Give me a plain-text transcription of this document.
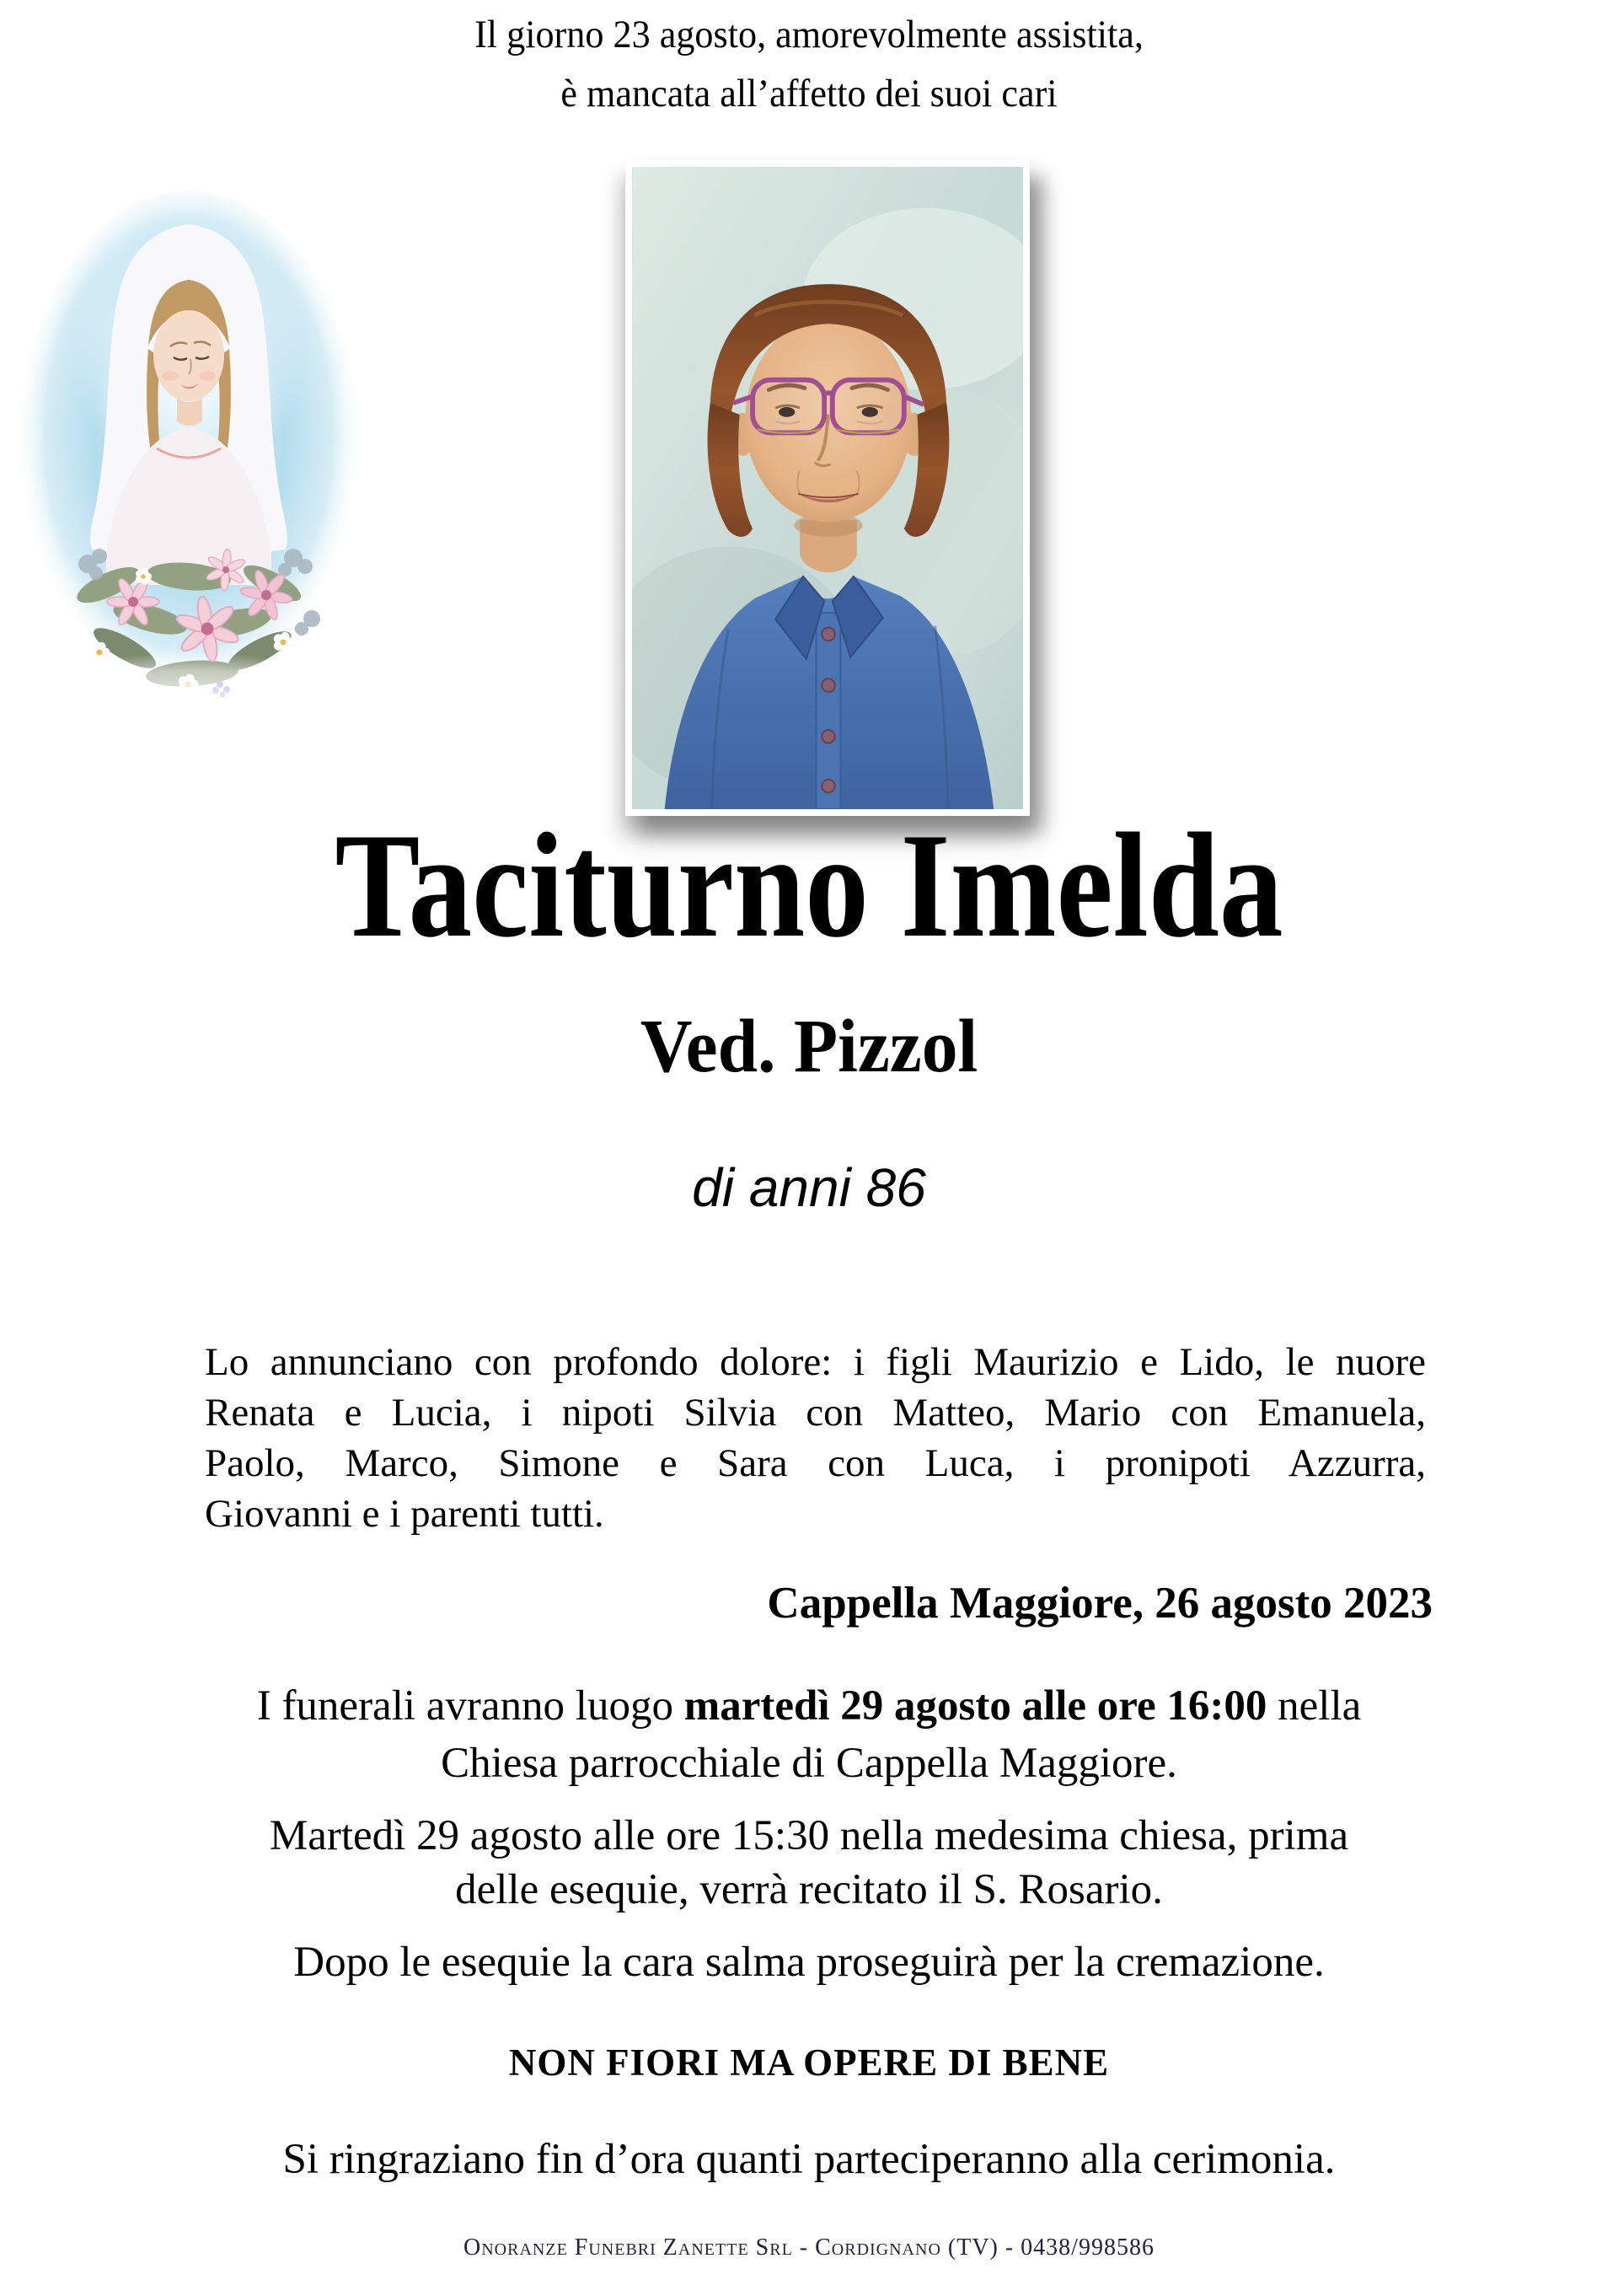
Il giorno 23 agosto, amorevolmente assistita,
è mancata all’affetto dei suoi cari
Taciturno Imelda
Ved. Pizzol
di anni 86
Lo annunciano con profondo dolore: i figli Maurizio e Lido, le nuore
Renata e Lucia, i nipoti Silvia con Matteo, Mario con Emanuela,
Paolo, Marco, Simone e Sara con Luca, i pronipoti Azzurra,
Giovanni e i parenti tutti.
Cappella Maggiore, 26 agosto 2023
I funerali avranno luogo martedì 29 agosto alle ore 16:00 nella
Chiesa parrocchiale di Cappella Maggiore.
Martedì 29 agosto alle ore 15:30 nella medesima chiesa, prima
delle esequie, verrà recitato il S. Rosario.
Dopo le esequie la cara salma proseguirà per la cremazione.
NON FIORI MA OPERE DI BENE
Si ringraziano fin d’ora quanti parteciperanno alla cerimonia.
Onoranze Funebri Zanette Srl - Cordignano (TV) - 0438/998586
